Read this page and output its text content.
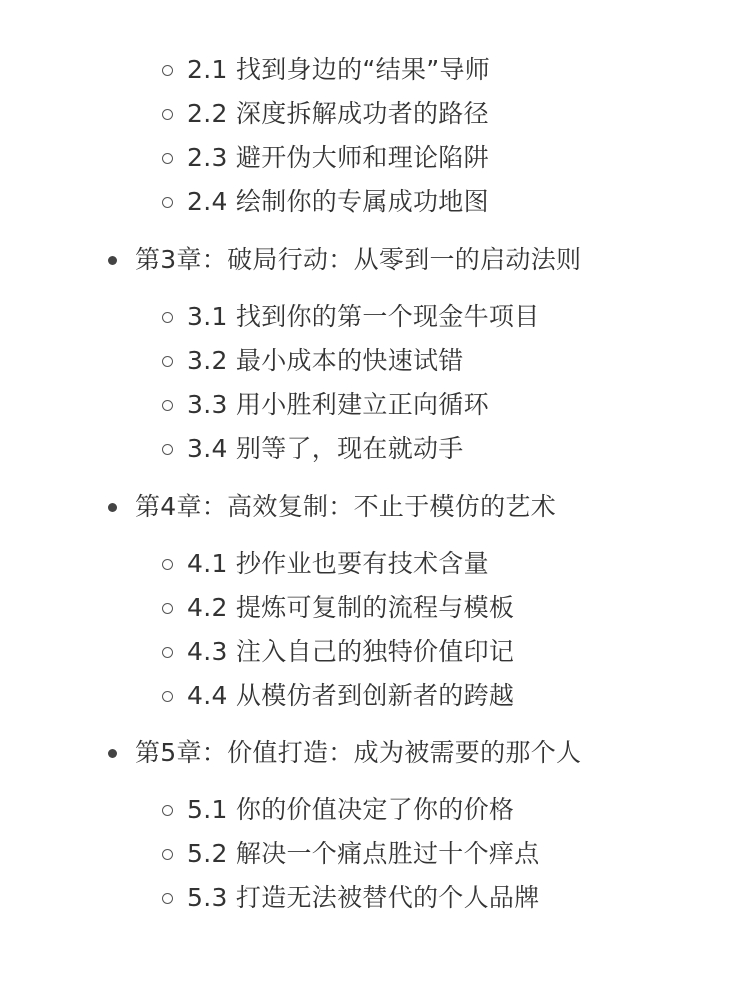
2.1 找到身边的“结果”导师
2.2 深度拆解成功者的路径
2.3 避开伪大师和理论陷阱
2.4 绘制你的专属成功地图
第3章：破局行动：从零到一的启动法则
3.1 找到你的第一个现金牛项目
3.2 最小成本的快速试错
3.3 用小胜利建立正向循环
3.4 别等了，现在就动手
第4章：高效复制：不止于模仿的艺术
4.1 抄作业也要有技术含量
4.2 提炼可复制的流程与模板
4.3 注入自己的独特价值印记
4.4 从模仿者到创新者的跨越
第5章：价值打造：成为被需要的那个人
5.1 你的价值决定了你的价格
5.2 解决一个痛点胜过十个痒点
5.3 打造无法被替代的个人品牌
